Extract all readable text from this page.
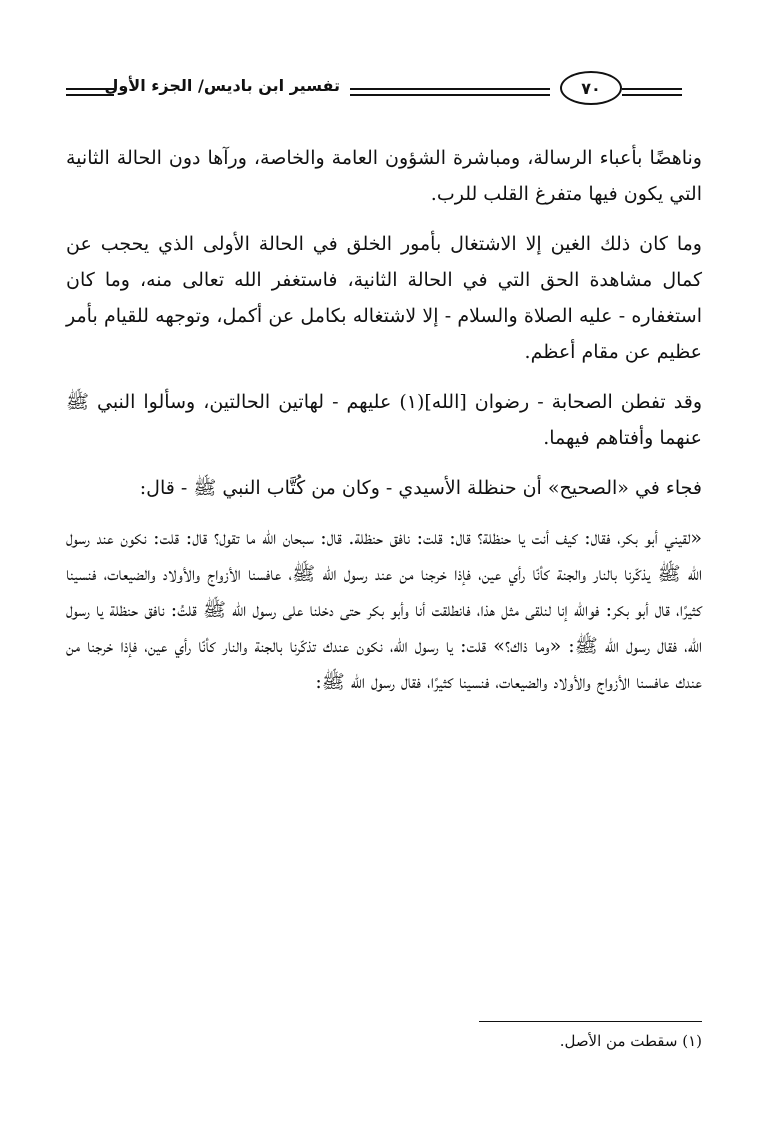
تفسير ابن باديس/ الجزء الأول	٧٠

وناهضًا بأعباء الرسالة، ومباشرة الشؤون العامة والخاصة، ورآها دون الحالة الثانية التي يكون فيها متفرغ القلب للرب.

وما كان ذلك الغين إلا الاشتغال بأمور الخلق في الحالة الأولى الذي يحجب عن كمال مشاهدة الحق التي في الحالة الثانية، فاستغفر الله تعالى منه، وما كان استغفاره - عليه الصلاة والسلام - إلا لاشتغاله بكامل عن أكمل، وتوجهه للقيام بأمر عظيم عن مقام أعظم.

وقد تفطن الصحابة - رضوان [الله](١) عليهم - لهاتين الحالتين، وسألوا النبي ﷺ عنهما وأفتاهم فيهما.

فجاء في «الصحيح» أن حنظلة الأسيدي - وكان من كُتَّاب النبي ﷺ - قال:

«لقيني أبو بكر، فقال: كيف أنت يا حنظلة؟ قال: قلت: نافق حنظلة. قال: سبحان الله ما تقول؟ قال: قلت: نكون عند رسول الله ﷺ يذكّرنا بالنار والجنة كأنّا رأي عين، فإذا خرجنا من عند رسول الله ﷺ، عافسنا الأزواج والأولاد والضيعات، فنسينا كثيرًا، قال أبو بكر: فوالله إنا لنلقى مثل هذا، فانطلقت أنا وأبو بكر حتى دخلنا على رسول الله ﷺ قلتُ: نافق حنظلة يا رسول الله، فقال رسول الله ﷺ: «وما ذاك؟» قلت: يا رسول الله، نكون عندك تذكّرنا بالجنة والنار كأنّا رأي عين، فإذا خرجنا من عندك عافسنا الأزواج والأولاد والضيعات، فنسينا كثيرًا، فقال رسول الله ﷺ:

(١) سقطت من الأصل.
